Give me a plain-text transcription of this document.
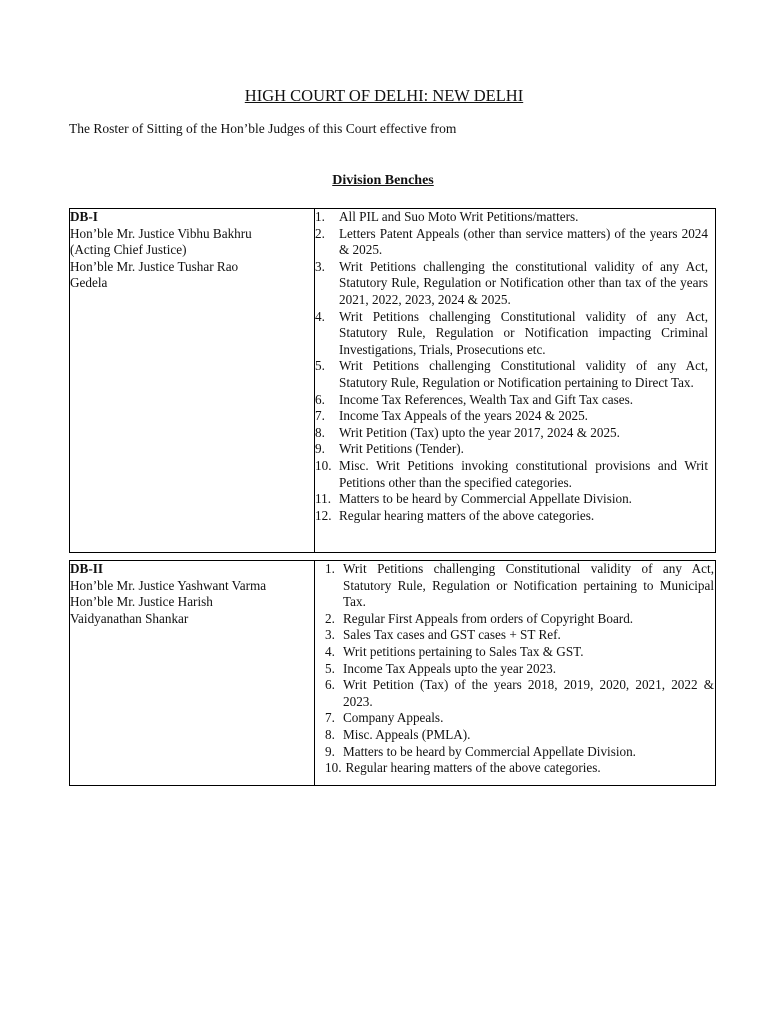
HIGH COURT OF DELHI: NEW DELHI
The Roster of Sitting of the Hon’ble Judges of this Court effective from
Division Benches
DB-I
Hon’ble Mr. Justice Vibhu Bakhru
(Acting Chief Justice)
Hon’ble Mr. Justice Tushar Rao
Gedela

1.	All PIL and Suo Moto Writ Petitions/matters.
2.	Letters Patent Appeals (other than service matters) of the years 2024 & 2025.
3.	Writ Petitions challenging the constitutional validity of any Act, Statutory Rule, Regulation or Notification other than tax of the years 2021, 2022, 2023, 2024 & 2025.
4.	Writ Petitions challenging Constitutional validity of any Act, Statutory Rule, Regulation or Notification impacting Criminal Investigations, Trials, Prosecutions etc.
5.	Writ Petitions challenging Constitutional validity of any Act, Statutory Rule, Regulation or Notification pertaining to Direct Tax.
6.	Income Tax References, Wealth Tax and Gift Tax cases.
7.	Income Tax Appeals of the years 2024 & 2025.
8.	Writ Petition (Tax) upto the year 2017, 2024 & 2025.
9.	Writ Petitions (Tender).
10. Misc. Writ Petitions invoking constitutional provisions and Writ Petitions other than the specified categories.
11. Matters to be heard by Commercial Appellate Division.
12. Regular hearing matters of the above categories.
DB-II
Hon’ble Mr. Justice Yashwant Varma
Hon’ble Mr. Justice Harish
Vaidyanathan Shankar

1. Writ Petitions challenging Constitutional validity of any Act, Statutory Rule, Regulation or Notification pertaining to Municipal Tax.
2. Regular First Appeals from orders of Copyright Board.
3. Sales Tax cases and GST cases + ST Ref.
4. Writ petitions pertaining to Sales Tax & GST.
5. Income Tax Appeals upto the year 2023.
6. Writ Petition (Tax) of the years 2018, 2019, 2020, 2021, 2022 & 2023.
7. Company Appeals.
8. Misc. Appeals (PMLA).
9. Matters to be heard by Commercial Appellate Division.
10. Regular hearing matters of the above categories.
